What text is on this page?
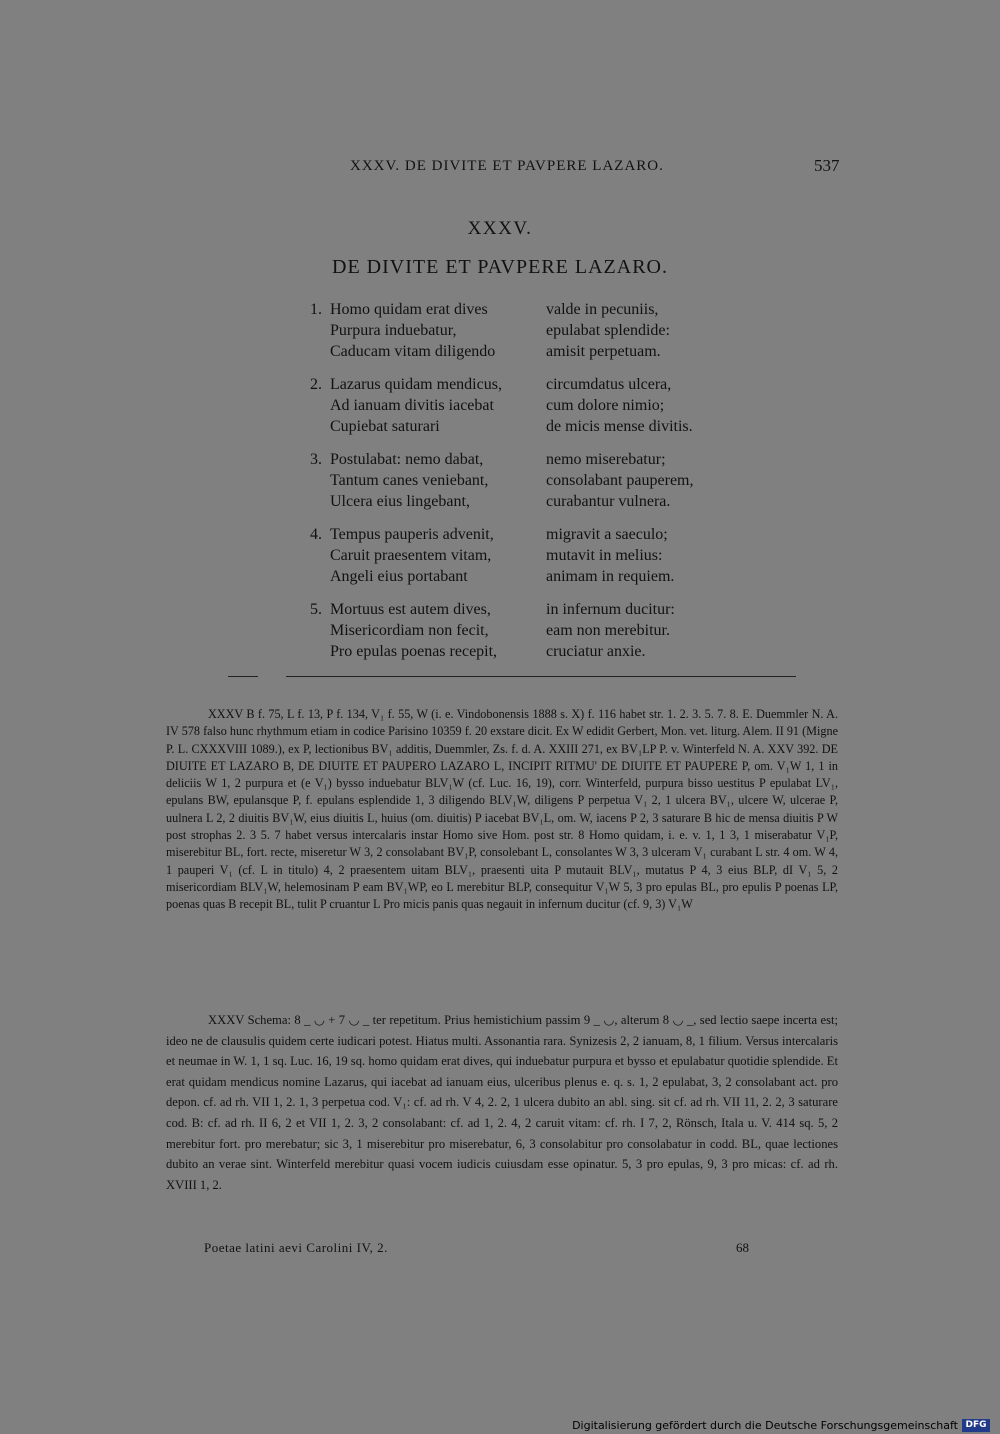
XXXV. DE DIVITE ET PAVPERE LAZARO.	537
XXXV.
DE DIVITE ET PAVPERE LAZARO.
1. Homo quidam erat dives	valde in pecuniis,
Purpura induebatur,	epulabat splendide:
Caducam vitam diligendo	amisit perpetuam.
2. Lazarus quidam mendicus,	circumdatus ulcera,
Ad ianuam divitis iacebat	cum dolore nimio;
Cupiebat saturari	de micis mense divitis.
3. Postulabat: nemo dabat,	nemo miserebatur;
Tantum canes veniebant,	consolabant pauperem,
Ulcera eius lingebant,	curabantur vulnera.
4. Tempus pauperis advenit,	migravit a saeculo;
Caruit praesentem vitam,	mutavit in melius:
Angeli eius portabant	animam in requiem.
5. Mortuus est autem dives,	in infernum ducitur:
Misericordiam non fecit,	eam non merebitur.
Pro epulas poenas recepit,	cruciatur anxie.

XXXV B f. 75, L f. 13, P f. 134, V₁ f. 55, W (i. e. Vindobonensis 1888 s. X) f. 116 habet str. 1. 2. 3. 5. 7. 8. E. Duemmler N. A. IV 578 falso hunc rhythmum etiam in codice Parisino 10359 f. 20 exstare dicit. Ex W edidit Gerbert, Mon. vet. liturg. Alem. II 91 (Migne P. L. CXXXVIII 1089.), ex P, lectionibus BV₁ additis, Duemmler, Zs. f. d. A. XXIII 271, ex BV₁LP P. v. Winterfeld N. A. XXV 392. DE DIUITE ET LAZARO B, DE DIUITE ET PAUPERO LAZARO L, INCIPIT RITMU' DE DIUITE ET PAUPERE P, om. V₁W 1, 1 in deliciis W 1, 2 purpura et (e V₁) bysso induebatur BLV₁W (cf. Luc. 16, 19), corr. Winterfeld, purpura bisso uestitus P epulabat LV₁, epulans BW, epulansque P, f. epulans esplendide 1, 3 diligendo BLV₁W, diligens P perpetua V₁ 2, 1 ulcera BV₁, ulcere W, ulcerae P, uulnera L 2, 2 diuitis BV₁W, eius diuitis L, huius (om. diuitis) P iacebat BV₁L, om. W, iacens P 2, 3 saturare B hic de mensa diuitis P W post strophas 2. 3 5. 7 habet versus intercalaris instar Homo sive Hom. post str. 8 Homo quidam, i. e. v. 1, 1 3, 1 miserabatur V₁P, miserebitur BL, fort. recte, miseretur W 3, 2 consolabant BV₁P, consolebant L, consolantes W 3, 3 ulceram V₁ curabant L str. 4 om. W 4, 1 pauperi V₁ (cf. L in titulo) 4, 2 praesentem uitam BLV₁, praesenti uita P mutauit BLV₁, mutatus P 4, 3 eius BLP, dI V₁ 5, 2 misericordiam BLV₁W, helemosinam P eam BV₁WP, eo L merebitur BLP, consequitur V₁W 5, 3 pro epulas BL, pro epulis P poenas LP, poenas quas B recepit BL, tulit P cruantur L Pro micis panis quas negauit in infernum ducitur (cf. 9, 3) V₁W

XXXV Schema: 8 _ ◡ + 7 ◡ _ ter repetitum. Prius hemistichium passim 9 _ ◡, alterum 8 ◡ _, sed lectio saepe incerta est; ideo ne de clausulis quidem certe iudicari potest. Hiatus multi. Assonantia rara. Synizesis 2, 2 ianuam, 8, 1 filium. Versus intercalaris et neumae in W. 1, 1 sq. Luc. 16, 19 sq. homo quidam erat dives, qui induebatur purpura et bysso et epulabatur quotidie splendide. Et erat quidam mendicus nomine Lazarus, qui iacebat ad ianuam eius, ulceribus plenus e. q. s. 1, 2 epulabat, 3, 2 consolabant act. pro depon. cf. ad rh. VII 1, 2. 1, 3 perpetua cod. V₁: cf. ad rh. V 4, 2. 2, 1 ulcera dubito an abl. sing. sit cf. ad rh. VII 11, 2. 2, 3 saturare cod. B: cf. ad rh. II 6, 2 et VII 1, 2. 3, 2 consolabant: cf. ad 1, 2. 4, 2 caruit vitam: cf. rh. I 7, 2, Rönsch, Itala u. V. 414 sq. 5, 2 merebitur fort. pro merebatur; sic 3, 1 miserebitur pro miserebatur, 6, 3 consolabitur pro consolabatur in codd. BL, quae lectiones dubito an verae sint. Winterfeld merebitur quasi vocem iudicis cuiusdam esse opinatur. 5, 3 pro epulas, 9, 3 pro micas: cf. ad rh. XVIII 1, 2.

Poetae latini aevi Carolini IV, 2.	68
Digitalisierung gefördert durch die Deutsche Forschungsgemeinschaft DFG
